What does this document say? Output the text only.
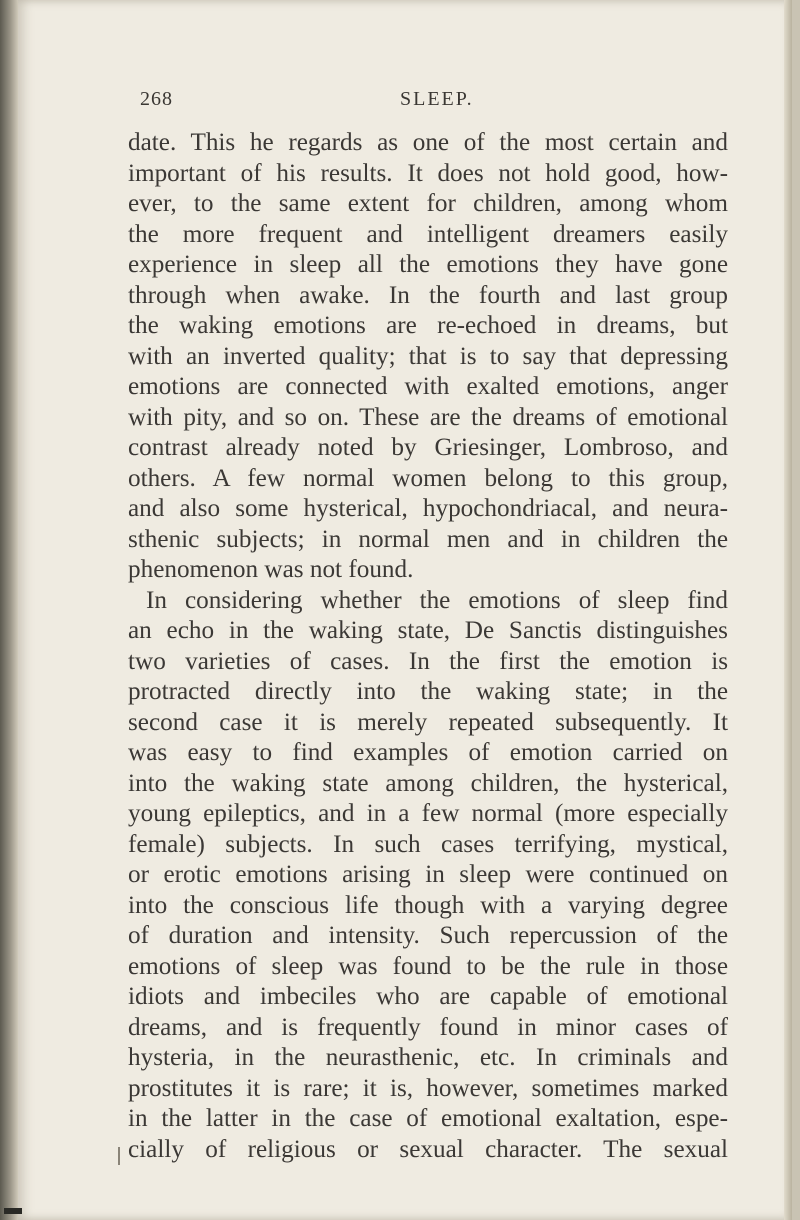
268	SLEEP.
date. This he regards as one of the most certain and
important of his results. It does not hold good, how-
ever, to the same extent for children, among whom
the more frequent and intelligent dreamers easily
experience in sleep all the emotions they have gone
through when awake. In the fourth and last group
the waking emotions are re-echoed in dreams, but
with an inverted quality; that is to say that depressing
emotions are connected with exalted emotions, anger
with pity, and so on. These are the dreams of emotional
contrast already noted by Griesinger, Lombroso, and
others. A few normal women belong to this group,
and also some hysterical, hypochondriacal, and neura-
sthenic subjects; in normal men and in children the
phenomenon was not found.
In considering whether the emotions of sleep find
an echo in the waking state, De Sanctis distinguishes
two varieties of cases. In the first the emotion is
protracted directly into the waking state; in the
second case it is merely repeated subsequently. It
was easy to find examples of emotion carried on
into the waking state among children, the hysterical,
young epileptics, and in a few normal (more especially
female) subjects. In such cases terrifying, mystical,
or erotic emotions arising in sleep were continued on
into the conscious life though with a varying degree
of duration and intensity. Such repercussion of the
emotions of sleep was found to be the rule in those
idiots and imbeciles who are capable of emotional
dreams, and is frequently found in minor cases of
hysteria, in the neurasthenic, etc. In criminals and
prostitutes it is rare; it is, however, sometimes marked
in the latter in the case of emotional exaltation, espe-
cially of religious or sexual character. The sexual
